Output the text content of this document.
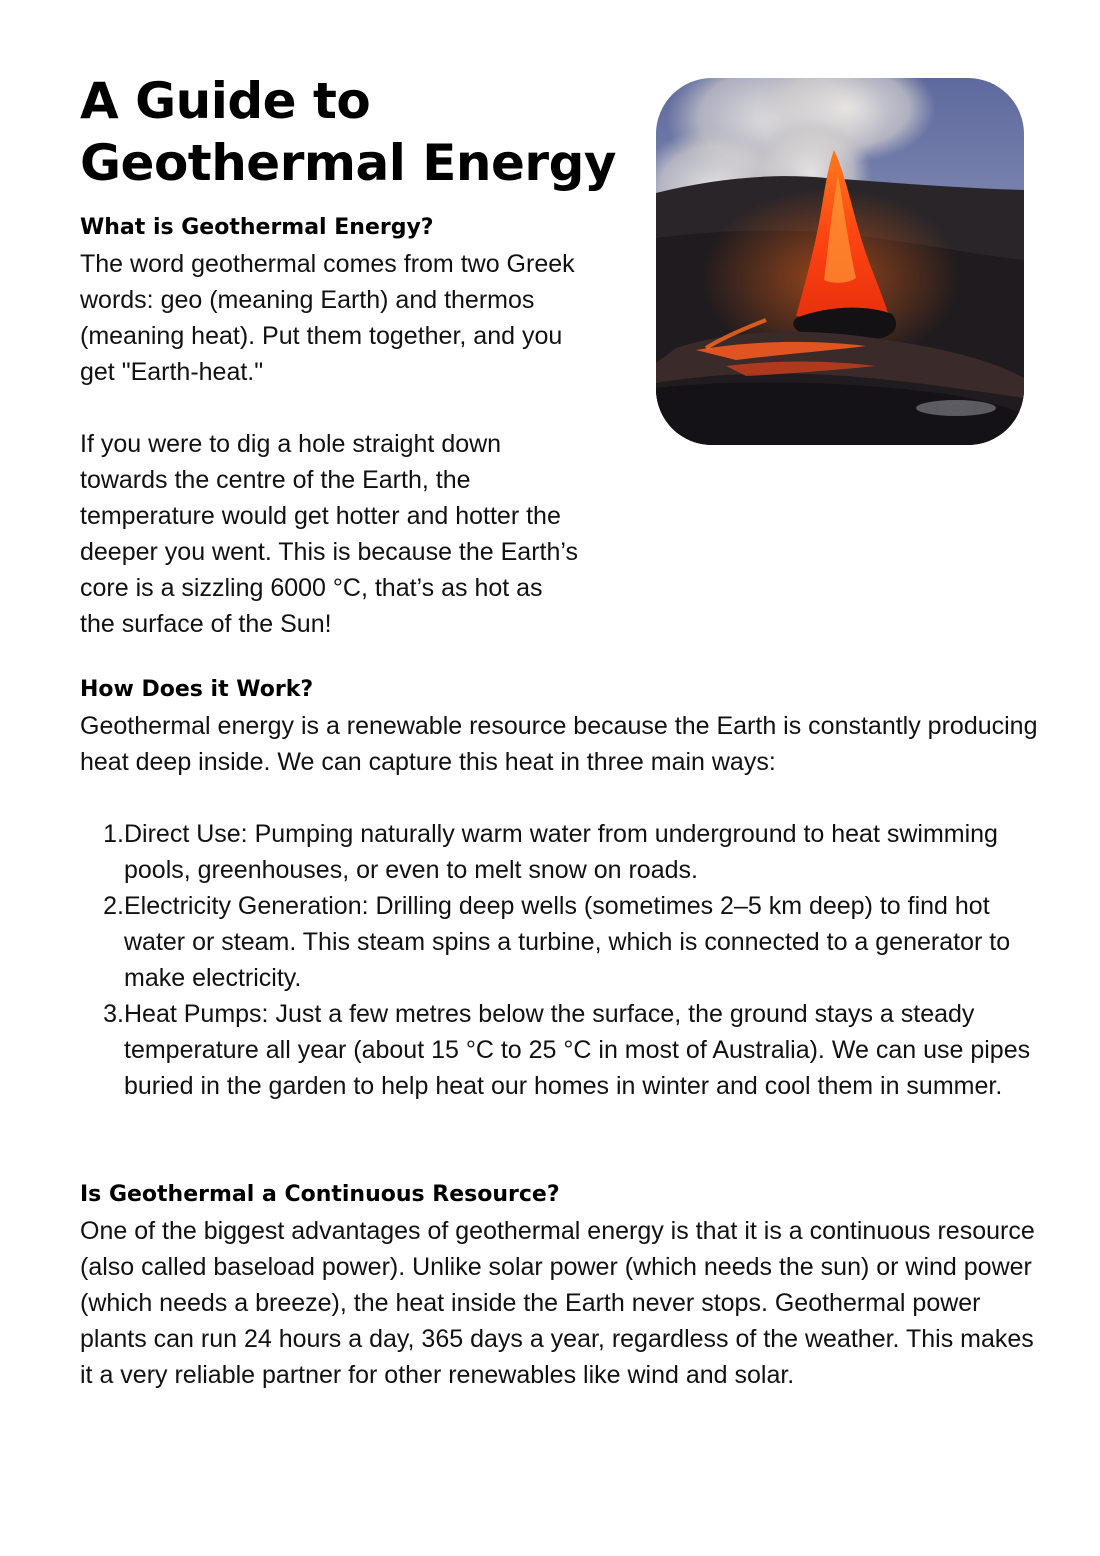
A Guide to
Geothermal Energy
What is Geothermal Energy?

The word geothermal comes from two Greek words: geo (meaning Earth) and thermos (meaning heat). Put them together, and you get "Earth-heat."

If you were to dig a hole straight down towards the centre of the Earth, the temperature would get hotter and hotter the deeper you went. This is because the Earth’s core is a sizzling 6000 °C, that’s as hot as the surface of the Sun!

How Does it Work?

Geothermal energy is a renewable resource because the Earth is constantly producing heat deep inside. We can capture this heat in three main ways:

1. Direct Use: Pumping naturally warm water from underground to heat swimming pools, greenhouses, or even to melt snow on roads.
2. Electricity Generation: Drilling deep wells (sometimes 2–5 km deep) to find hot water or steam. This steam spins a turbine, which is connected to a generator to make electricity.
3. Heat Pumps: Just a few metres below the surface, the ground stays a steady temperature all year (about 15 °C to 25 °C in most of Australia). We can use pipes buried in the garden to help heat our homes in winter and cool them in summer.
Is Geothermal a Continuous Resource?

One of the biggest advantages of geothermal energy is that it is a continuous resource (also called baseload power). Unlike solar power (which needs the sun) or wind power (which needs a breeze), the heat inside the Earth never stops. Geothermal power plants can run 24 hours a day, 365 days a year, regardless of the weather. This makes it a very reliable partner for other renewables like wind and solar.
